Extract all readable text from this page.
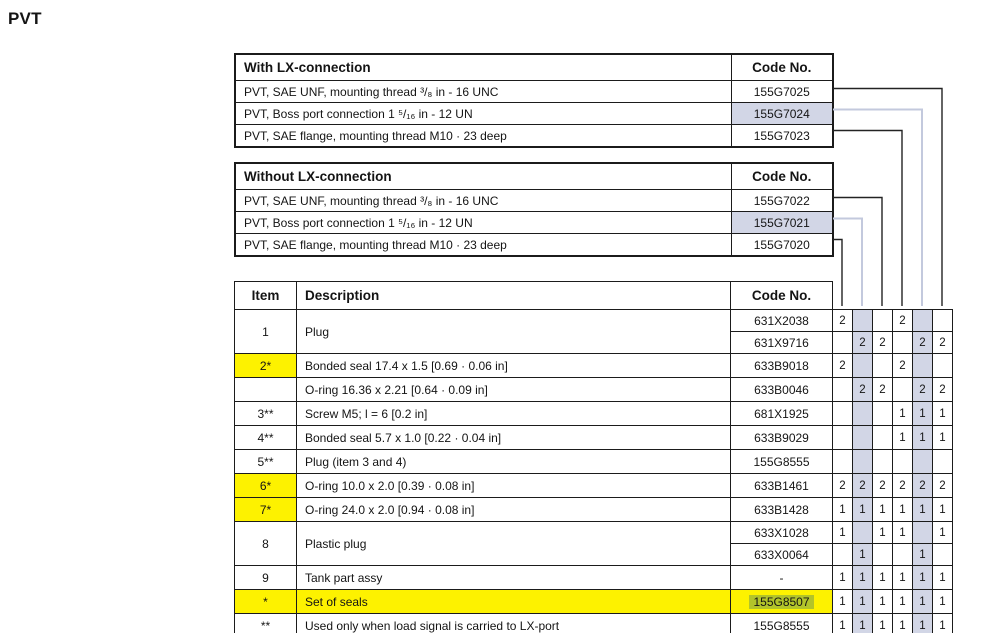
PVT
With LX-connection	Code No.
PVT, SAE UNF, mounting thread ³/₈ in - 16 UNC	155G7025
PVT, Boss port connection 1 ⁵/₁₆ in - 12 UN	155G7024
PVT, SAE flange, mounting thread M10 · 23 deep	155G7023
Without LX-connection	Code No.
PVT, SAE UNF, mounting thread ³/₈ in - 16 UNC	155G7022
PVT, Boss port connection 1 ⁵/₁₆ in - 12 UN	155G7021
PVT, SAE flange, mounting thread M10 · 23 deep	155G7020
Item	Description	Code No.						
1	Plug	631X2038	2			2		
		631X9716		2	2		2	2
2*	Bonded seal 17.4 x 1.5 [0.69 · 0.06 in]	633B9018	2			2		
	O-ring 16.36 x 2.21 [0.64 · 0.09 in]	633B0046		2	2		2	2
3**	Screw M5; l = 6 [0.2 in]	681X1925				1	1	1
4**	Bonded seal 5.7 x 1.0 [0.22 · 0.04 in]	633B9029				1	1	1
5**	Plug (item 3 and 4)	155G8555						
6*	O-ring 10.0 x 2.0 [0.39 · 0.08 in]	633B1461	2	2	2	2	2	2
7*	O-ring 24.0 x 2.0 [0.94 · 0.08 in]	633B1428	1	1	1	1	1	1
8	Plastic plug	633X1028	1		1	1		1
		633X0064		1			1	
9	Tank part assy	-	1	1	1	1	1	1
*	Set of seals	155G8507	1	1	1	1	1	1
**	Used only when load signal is carried to LX-port	155G8555	1	1	1	1	1	1
